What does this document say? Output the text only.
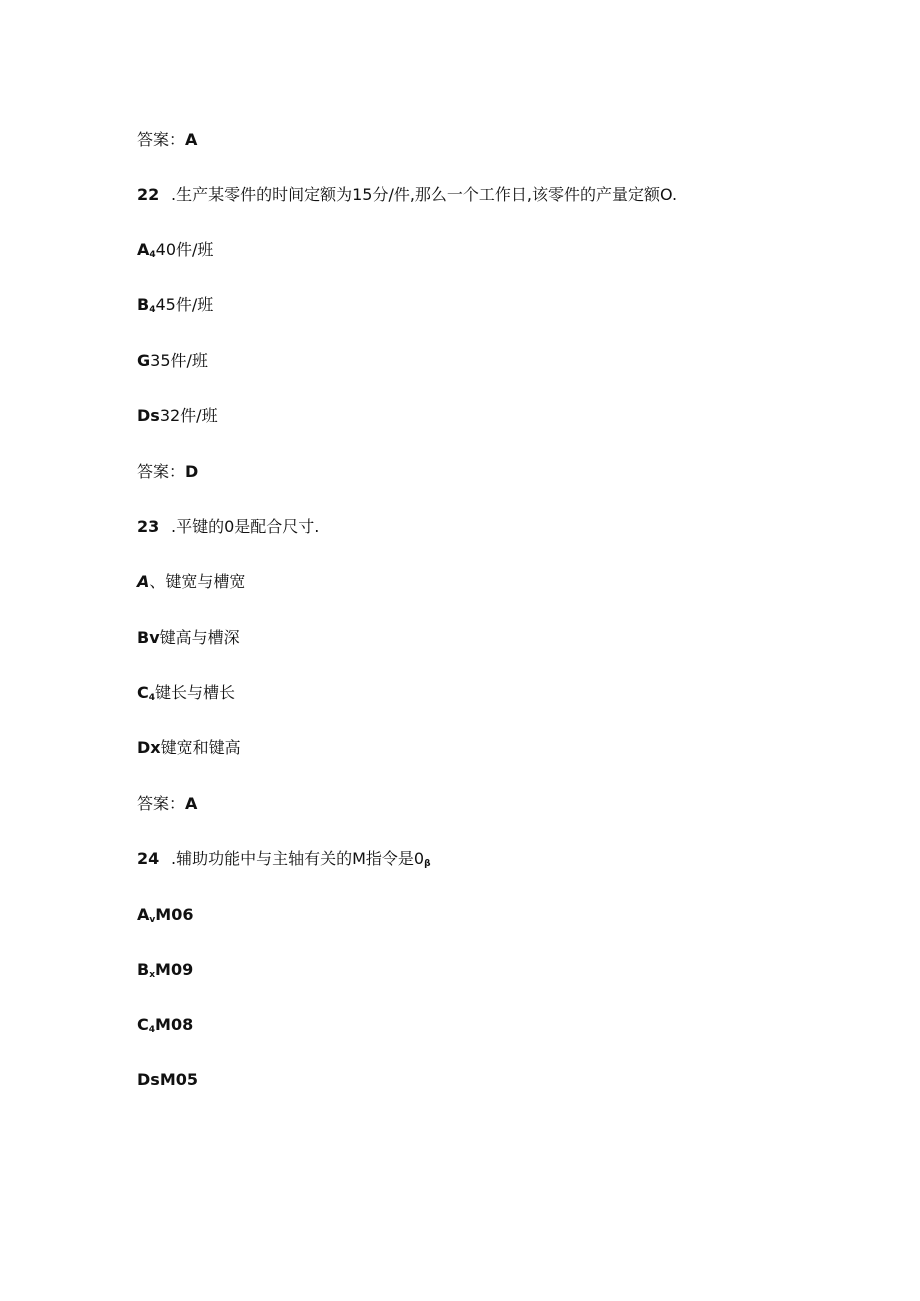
答案：A
22 .生产某零件的时间定额为15分/件,那么一个工作日,该零件的产量定额O.
$A_440$件/班
$B_445$件/班
G35件/班
Ds32件/班
答案：D
23 .平键的0是配合尺寸.
A、键宽与槽宽
Bv键高与槽深
$C_4$键长与槽长
Dx键宽和键高
答案：A
24 .辅助功能中与主轴有关的M指令是$0_\beta$
$A_vM06$
$B_xM09$
$C_4M08$
DsM05
